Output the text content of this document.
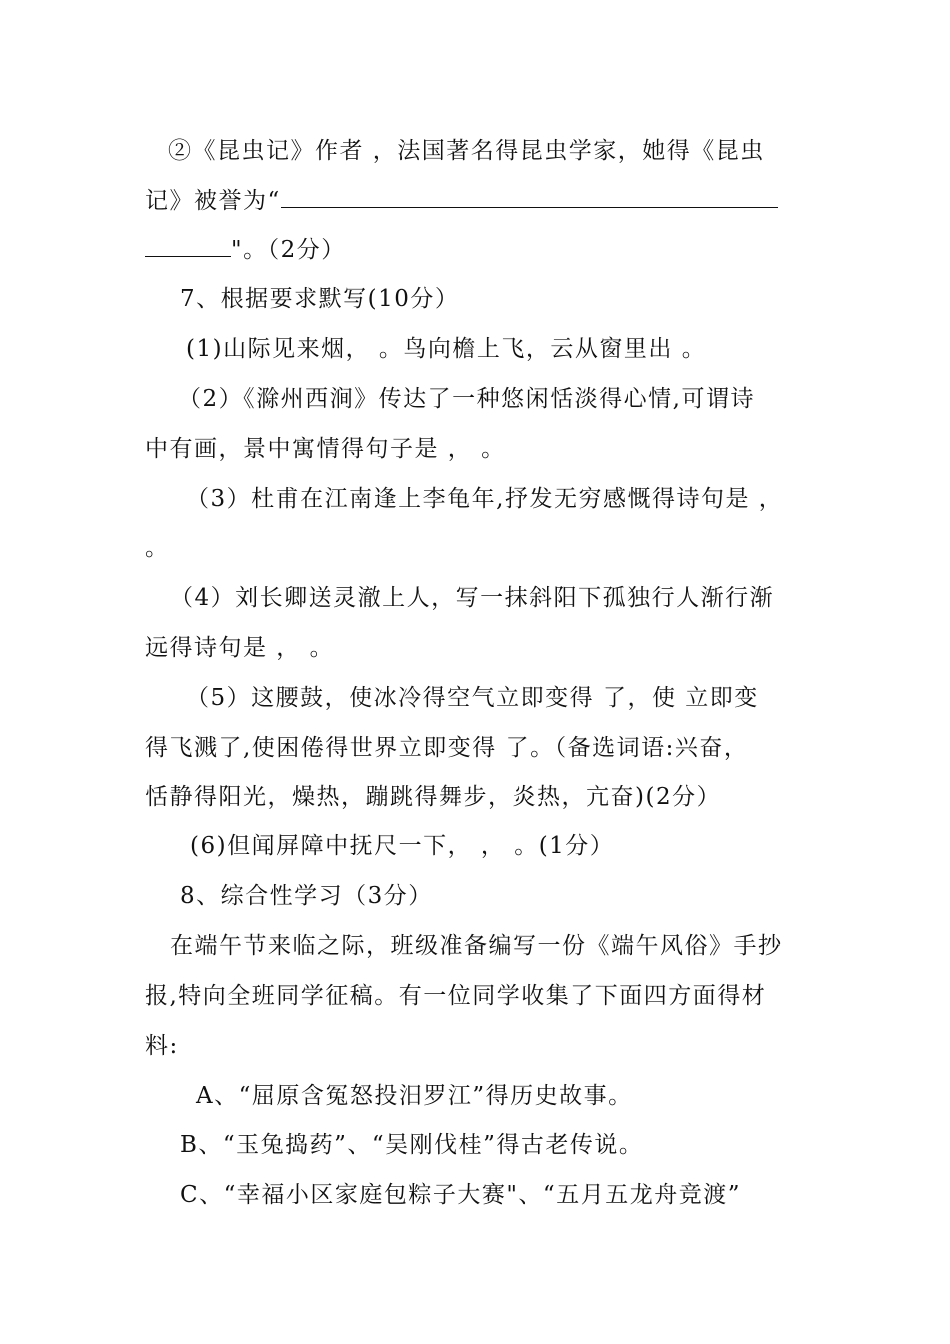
②《昆虫记》作者 ，法国著名得昆虫学家，她得《昆虫
记》被誉为“
"。（2分）
7、根据要求默写(10分）
(1)山际见来烟， 。鸟向檐上飞，云从窗里出 。
（2）《滁州西涧》传达了一种悠闲恬淡得心情,可谓诗
中有画，景中寓情得句子是 ， 。
（3）杜甫在江南逢上李龟年,抒发无穷感慨得诗句是 ，
。
（4）刘长卿送灵澈上人，写一抹斜阳下孤独行人渐行渐
远得诗句是 ， 。
（5）这腰鼓，使冰冷得空气立即变得 了，使 立即变
得飞溅了,使困倦得世界立即变得 了。（备选词语:兴奋，
恬静得阳光，燥热，蹦跳得舞步，炎热，亢奋)(2分）
(6)但闻屏障中抚尺一下， ， 。(1分）
8、综合性学习（3分）
在端午节来临之际，班级准备编写一份《端午风俗》手抄
报,特向全班同学征稿。有一位同学收集了下面四方面得材
料:
A、“屈原含冤怒投汨罗江”得历史故事。
B、“玉兔捣药”、“吴刚伐桂”得古老传说。
C、“幸福小区家庭包粽子大赛"、“五月五龙舟竞渡”
